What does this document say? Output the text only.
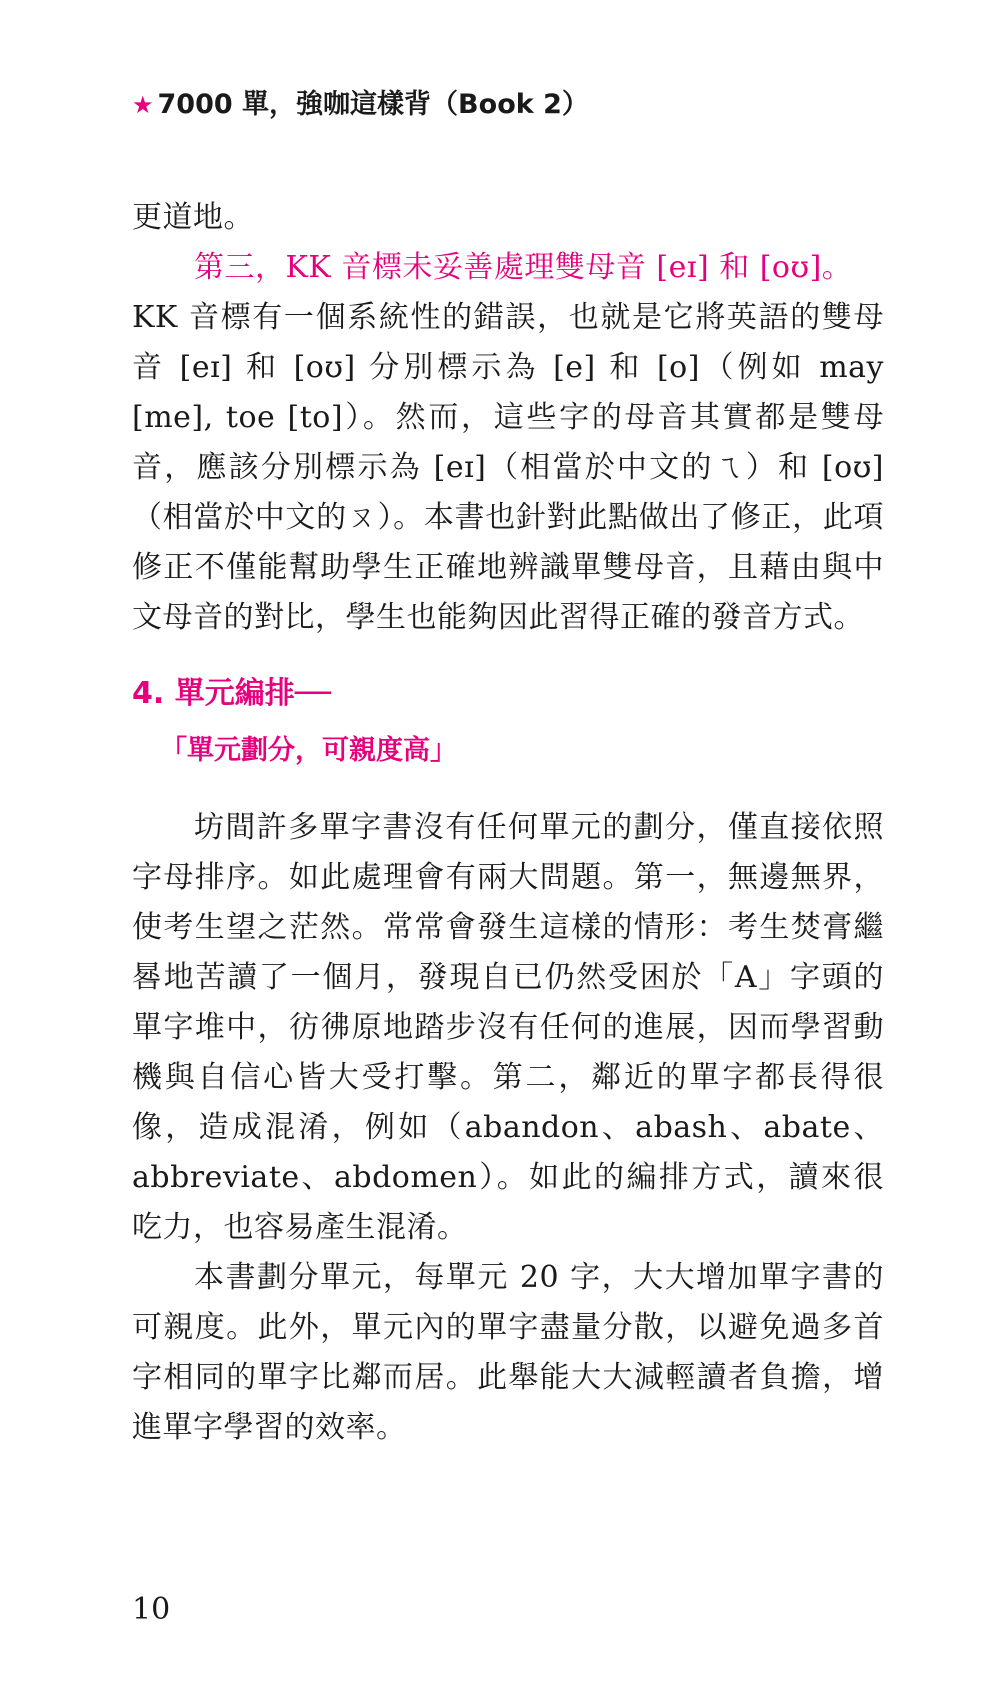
★ 7000 單，強咖這樣背（Book 2）

更道地。

第三，KK 音標未妥善處理雙母音 [eɪ] 和 [oʊ]。

KK 音標有一個系統性的錯誤，也就是它將英語的雙母音 [eɪ] 和 [oʊ] 分別標示為 [e] 和 [o]（例如 may [me], toe [to]）。然而，這些字的母音其實都是雙母音，應該分別標示為 [eɪ]（相當於中文的ㄟ）和 [oʊ]（相當於中文的ㄡ）。本書也針對此點做出了修正，此項修正不僅能幫助學生正確地辨識單雙母音，且藉由與中文母音的對比，學生也能夠因此習得正確的發音方式。

4. 單元編排──
「單元劃分，可親度高」

坊間許多單字書沒有任何單元的劃分，僅直接依照字母排序。如此處理會有兩大問題。第一，無邊無界，使考生望之茫然。常常會發生這樣的情形：考生焚膏繼晷地苦讀了一個月，發現自已仍然受困於「A」字頭的單字堆中，彷彿原地踏步沒有任何的進展，因而學習動機與自信心皆大受打擊。第二，鄰近的單字都長得很像，造成混淆，例如（abandon、abash、abate、abbreviate、abdomen）。如此的編排方式，讀來很吃力，也容易產生混淆。

本書劃分單元，每單元 20 字，大大增加單字書的可親度。此外，單元內的單字盡量分散，以避免過多首字相同的單字比鄰而居。此舉能大大減輕讀者負擔，增進單字學習的效率。

10
